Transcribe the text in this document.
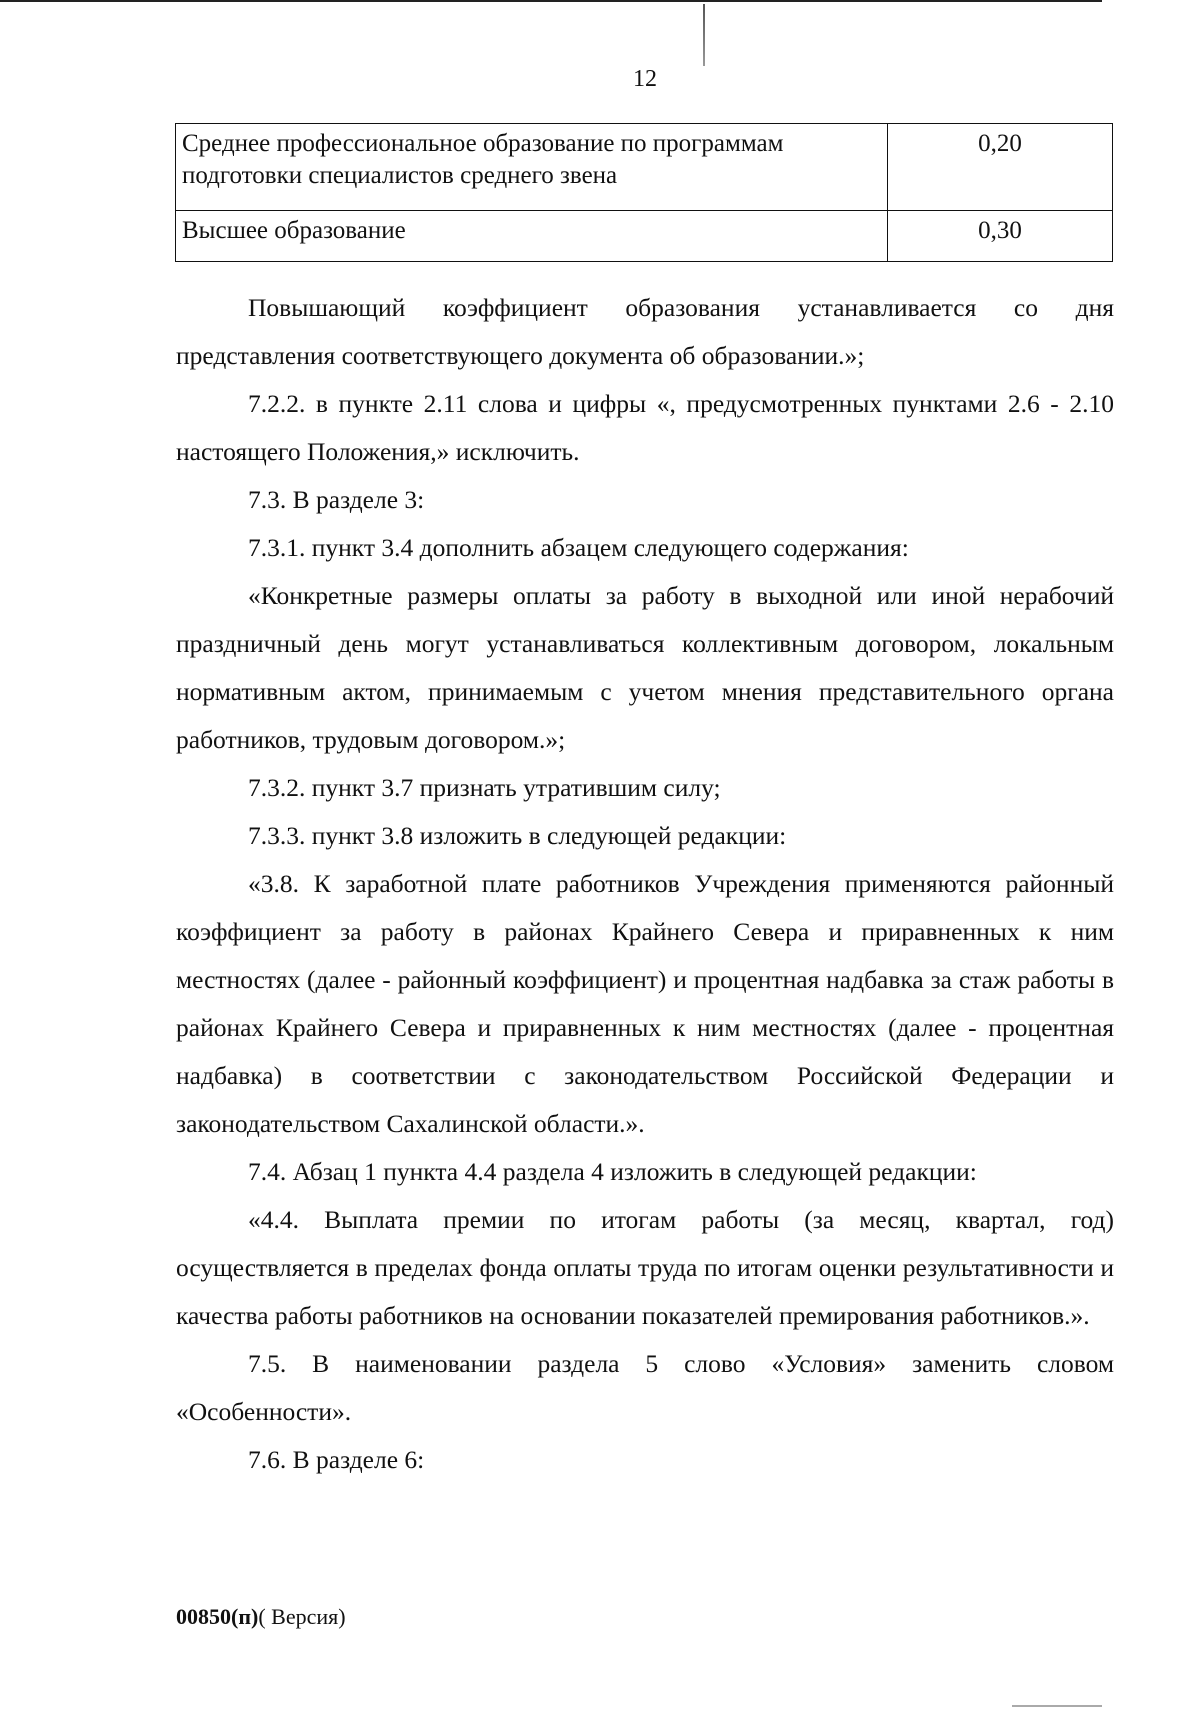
12
Среднее профессиональное образование по программам подготовки специалистов среднего звена	0,20
Высшее образование	0,30

Повышающий коэффициент образования устанавливается со дня представления соответствующего документа об образовании.»;

7.2.2. в пункте 2.11 слова и цифры «, предусмотренных пунктами 2.6 - 2.10 настоящего Положения,» исключить.

7.3. В разделе 3:

7.3.1. пункт 3.4 дополнить абзацем следующего содержания:

«Конкретные размеры оплаты за работу в выходной или иной нерабочий праздничный день могут устанавливаться коллективным договором, локальным нормативным актом, принимаемым с учетом мнения представительного органа работников, трудовым договором.»;

7.3.2. пункт 3.7 признать утратившим силу;

7.3.3. пункт 3.8 изложить в следующей редакции:

«3.8. К заработной плате работников Учреждения применяются районный коэффициент за работу в районах Крайнего Севера и приравненных к ним местностях (далее - районный коэффициент) и процентная надбавка за стаж работы в районах Крайнего Севера и приравненных к ним местностях (далее - процентная надбавка) в соответствии с законодательством Российской Федерации и законодательством Сахалинской области.».

7.4. Абзац 1 пункта 4.4 раздела 4 изложить в следующей редакции:

«4.4. Выплата премии по итогам работы (за месяц, квартал, год) осуществляется в пределах фонда оплаты труда по итогам оценки результативности и качества работы работников на основании показателей премирования работников.».

7.5. В наименовании раздела 5 слово «Условия» заменить словом «Особенности».

7.6. В разделе 6:

00850(п)( Версия)
